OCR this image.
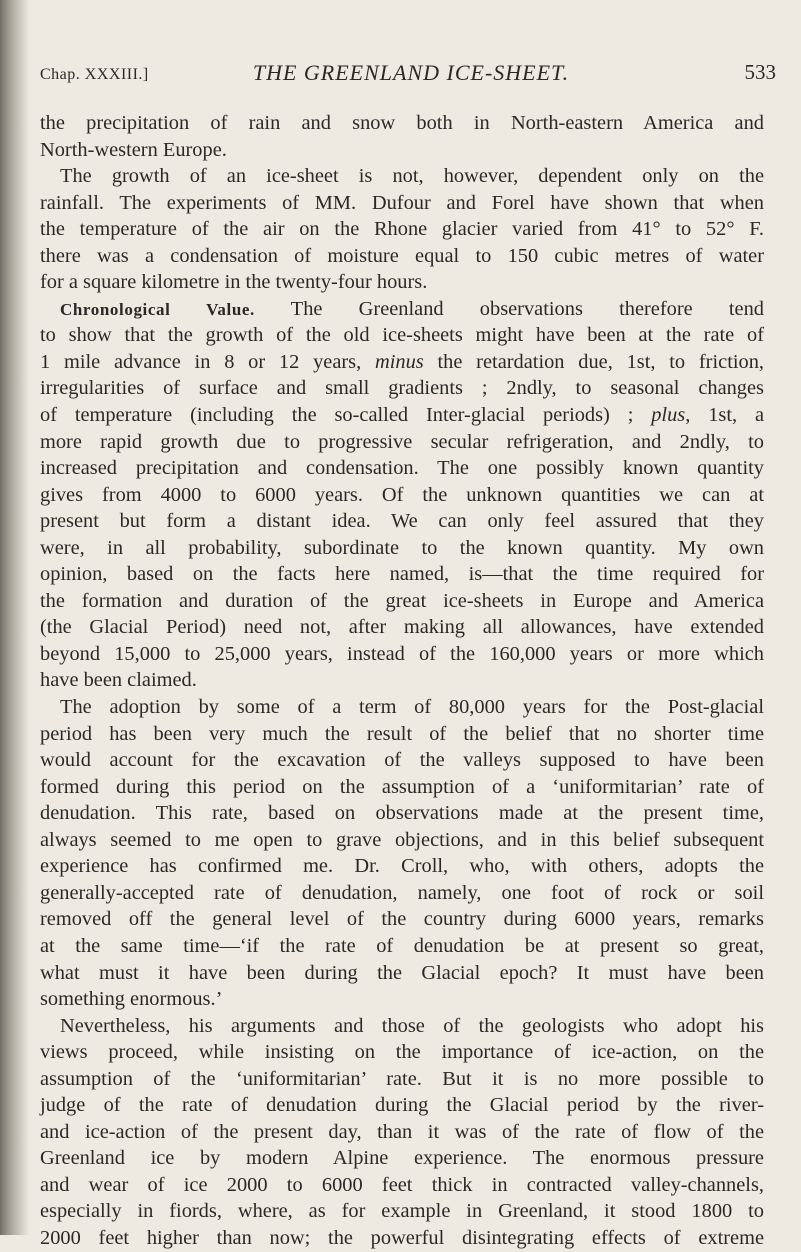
Chap. XXXIII.]	THE GREENLAND ICE-SHEET.	533
the precipitation of rain and snow both in North-eastern America and
North-western Europe.
The growth of an ice-sheet is not, however, dependent only on the
rainfall. The experiments of MM. Dufour and Forel have shown that when
the temperature of the air on the Rhone glacier varied from 41° to 52° F.
there was a condensation of moisture equal to 150 cubic metres of water
for a square kilometre in the twenty-four hours.
Chronological Value. The Greenland observations therefore tend
to show that the growth of the old ice-sheets might have been at the rate of
1 mile advance in 8 or 12 years, minus the retardation due, 1st, to friction,
irregularities of surface and small gradients ; 2ndly, to seasonal changes
of temperature (including the so-called Inter-glacial periods) ; plus, 1st, a
more rapid growth due to progressive secular refrigeration, and 2ndly, to
increased precipitation and condensation. The one possibly known quantity
gives from 4000 to 6000 years. Of the unknown quantities we can at
present but form a distant idea. We can only feel assured that they
were, in all probability, subordinate to the known quantity. My own
opinion, based on the facts here named, is—that the time required for
the formation and duration of the great ice-sheets in Europe and America
(the Glacial Period) need not, after making all allowances, have extended
beyond 15,000 to 25,000 years, instead of the 160,000 years or more which
have been claimed.
The adoption by some of a term of 80,000 years for the Post-glacial
period has been very much the result of the belief that no shorter time
would account for the excavation of the valleys supposed to have been
formed during this period on the assumption of a ‘uniformitarian’ rate of
denudation. This rate, based on observations made at the present time,
always seemed to me open to grave objections, and in this belief subsequent
experience has confirmed me. Dr. Croll, who, with others, adopts the
generally-accepted rate of denudation, namely, one foot of rock or soil
removed off the general level of the country during 6000 years, remarks
at the same time—‘if the rate of denudation be at present so great,
what must it have been during the Glacial epoch? It must have been
something enormous.’
Nevertheless, his arguments and those of the geologists who adopt his
views proceed, while insisting on the importance of ice-action, on the
assumption of the ‘uniformitarian’ rate. But it is no more possible to
judge of the rate of denudation during the Glacial period by the river-
and ice-action of the present day, than it was of the rate of flow of the
Greenland ice by modern Alpine experience. The enormous pressure
and wear of ice 2000 to 6000 feet thick in contracted valley-channels,
especially in fiords, where, as for example in Greenland, it stood 1800 to
2000 feet higher than now; the powerful disintegrating effects of extreme
